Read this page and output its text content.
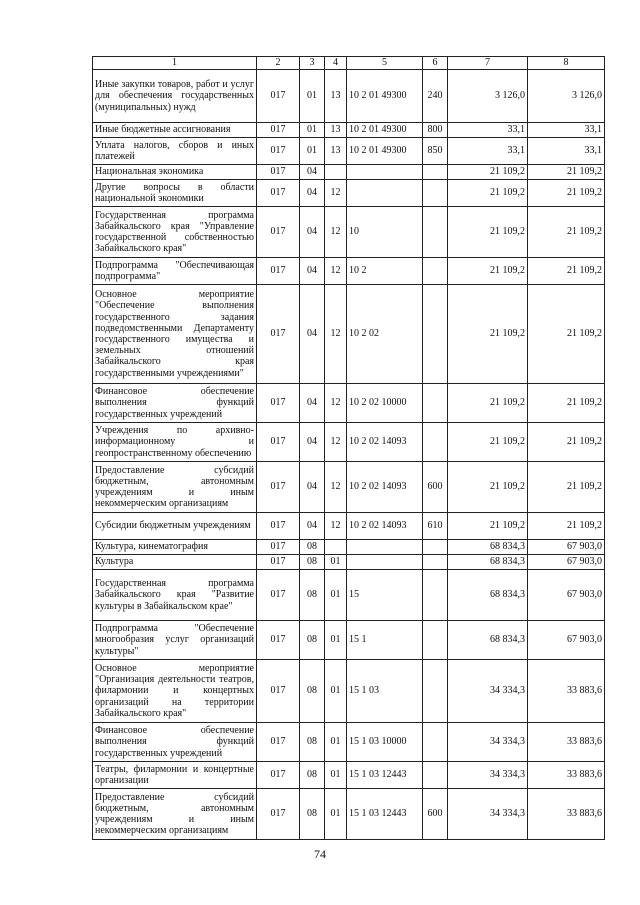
1	2	3	4	5	6	7	8
Иные закупки товаров, работ и услуг для обеспечения государственных (муниципальных) нужд	017	01	13	10 2 01 49300	240	3 126,0	3 126,0
Иные бюджетные ассигнования	017	01	13	10 2 01 49300	800	33,1	33,1
Уплата налогов, сборов и иных платежей	017	01	13	10 2 01 49300	850	33,1	33,1
Национальная экономика	017	04				21 109,2	21 109,2
Другие вопросы в области национальной экономики	017	04	12			21 109,2	21 109,2
Государственная программа Забайкальского края "Управление государственной собственностью Забайкальского края"	017	04	12	10		21 109,2	21 109,2
Подпрограмма "Обеспечивающая подпрограмма"	017	04	12	10 2		21 109,2	21 109,2
Основное мероприятие "Обеспечение выполнения государственного задания подведомственными Департаменту государственного имущества и земельных отношений Забайкальского края государственными учреждениями"	017	04	12	10 2 02		21 109,2	21 109,2
Финансовое обеспечение выполнения функций государственных учреждений	017	04	12	10 2 02 10000		21 109,2	21 109,2
Учреждения по архивно-информационному и геопространственному обеспечению	017	04	12	10 2 02 14093		21 109,2	21 109,2
Предоставление субсидий бюджетным, автономным учреждениям и иным некоммерческим организациям	017	04	12	10 2 02 14093	600	21 109,2	21 109,2
Субсидии бюджетным учреждениям	017	04	12	10 2 02 14093	610	21 109,2	21 109,2
Культура, кинематография	017	08				68 834,3	67 903,0
Культура	017	08	01			68 834,3	67 903,0
Государственная программа Забайкальского края "Развитие культуры в Забайкальском крае"	017	08	01	15		68 834,3	67 903,0
Подпрограмма "Обеспечение многообразия услуг организаций культуры"	017	08	01	15 1		68 834,3	67 903,0
Основное мероприятие "Организация деятельности театров, филармонии и концертных организаций на территории Забайкальского края"	017	08	01	15 1 03		34 334,3	33 883,6
Финансовое обеспечение выполнения функций государственных учреждений	017	08	01	15 1 03 10000		34 334,3	33 883,6
Театры, филармонии и концертные организации	017	08	01	15 1 03 12443		34 334,3	33 883,6
Предоставление субсидий бюджетным, автономным учреждениям и иным некоммерческим организациям	017	08	01	15 1 03 12443	600	34 334,3	33 883,6
74
